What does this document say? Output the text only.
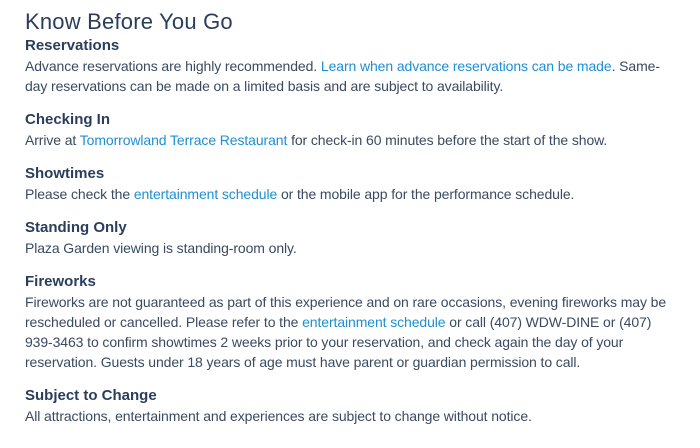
Know Before You Go
Reservations

Advance reservations are highly recommended. Learn when advance reservations can be made. Same-day reservations can be made on a limited basis and are subject to availability.

Checking In

Arrive at Tomorrowland Terrace Restaurant for check-in 60 minutes before the start of the show.

Showtimes

Please check the entertainment schedule or the mobile app for the performance schedule.

Standing Only

Plaza Garden viewing is standing-room only.

Fireworks

Fireworks are not guaranteed as part of this experience and on rare occasions, evening fireworks may be rescheduled or cancelled. Please refer to the entertainment schedule or call (407) WDW-DINE or (407) 939-3463 to confirm showtimes 2 weeks prior to your reservation, and check again the day of your reservation. Guests under 18 years of age must have parent or guardian permission to call.

Subject to Change

All attractions, entertainment and experiences are subject to change without notice.
